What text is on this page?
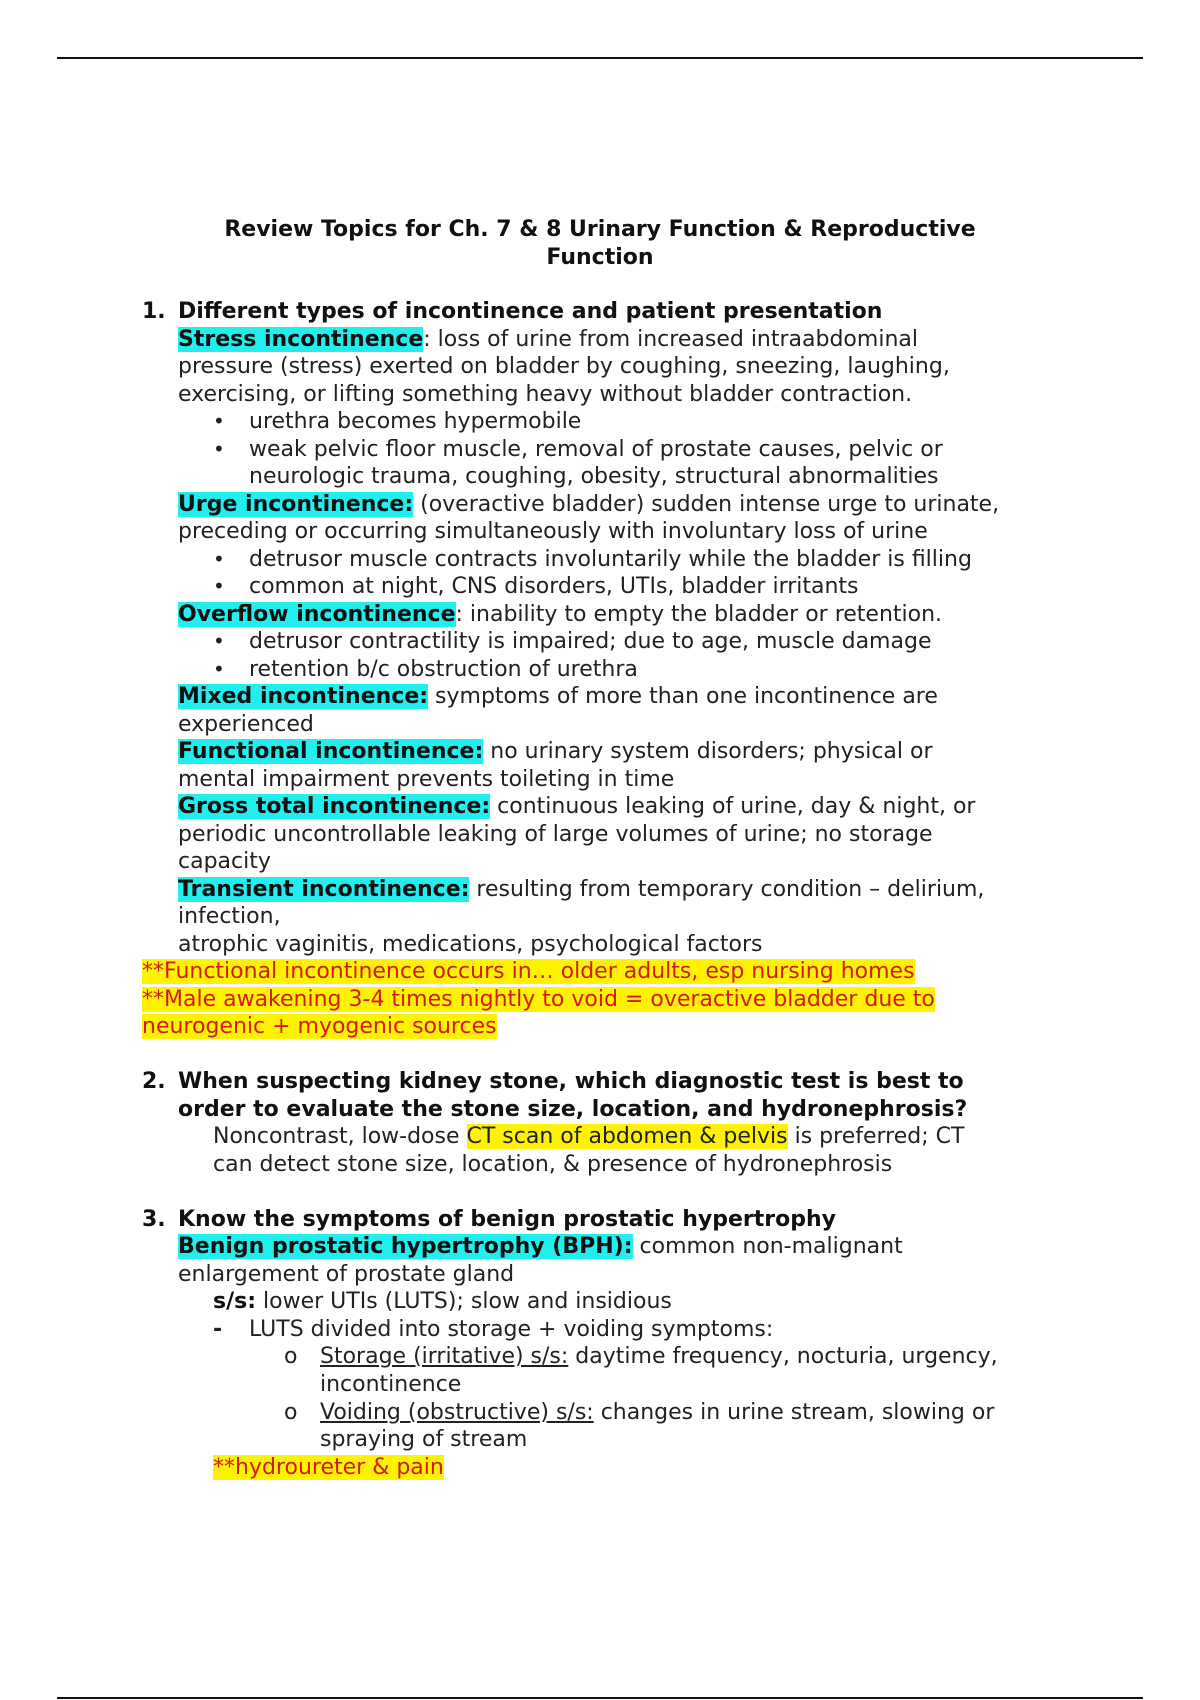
Review Topics for Ch. 7 & 8 Urinary Function & Reproductive
Function
1. Different types of incontinence and patient presentation
Stress incontinence: loss of urine from increased intraabdominal
pressure (stress) exerted on bladder by coughing, sneezing, laughing,
exercising, or lifting something heavy without bladder contraction.
• urethra becomes hypermobile
• weak pelvic floor muscle, removal of prostate causes, pelvic or
neurologic trauma, coughing, obesity, structural abnormalities
Urge incontinence: (overactive bladder) sudden intense urge to urinate,
preceding or occurring simultaneously with involuntary loss of urine
• detrusor muscle contracts involuntarily while the bladder is filling
• common at night, CNS disorders, UTIs, bladder irritants
Overflow incontinence: inability to empty the bladder or retention.
• detrusor contractility is impaired; due to age, muscle damage
• retention b/c obstruction of urethra
Mixed incontinence: symptoms of more than one incontinence are
experienced
Functional incontinence: no urinary system disorders; physical or
mental impairment prevents toileting in time
Gross total incontinence: continuous leaking of urine, day & night, or
periodic uncontrollable leaking of large volumes of urine; no storage
capacity
Transient incontinence: resulting from temporary condition – delirium,
infection,
atrophic vaginitis, medications, psychological factors
**Functional incontinence occurs in… older adults, esp nursing homes
**Male awakening 3-4 times nightly to void = overactive bladder due to
neurogenic + myogenic sources
2. When suspecting kidney stone, which diagnostic test is best to
order to evaluate the stone size, location, and hydronephrosis?
Noncontrast, low-dose CT scan of abdomen & pelvis is preferred; CT
can detect stone size, location, & presence of hydronephrosis
3. Know the symptoms of benign prostatic hypertrophy
Benign prostatic hypertrophy (BPH): common non-malignant
enlargement of prostate gland
s/s: lower UTIs (LUTS); slow and insidious
- LUTS divided into storage + voiding symptoms:
o Storage (irritative) s/s: daytime frequency, nocturia, urgency,
incontinence
o Voiding (obstructive) s/s: changes in urine stream, slowing or
spraying of stream
**hydroureter & pain
